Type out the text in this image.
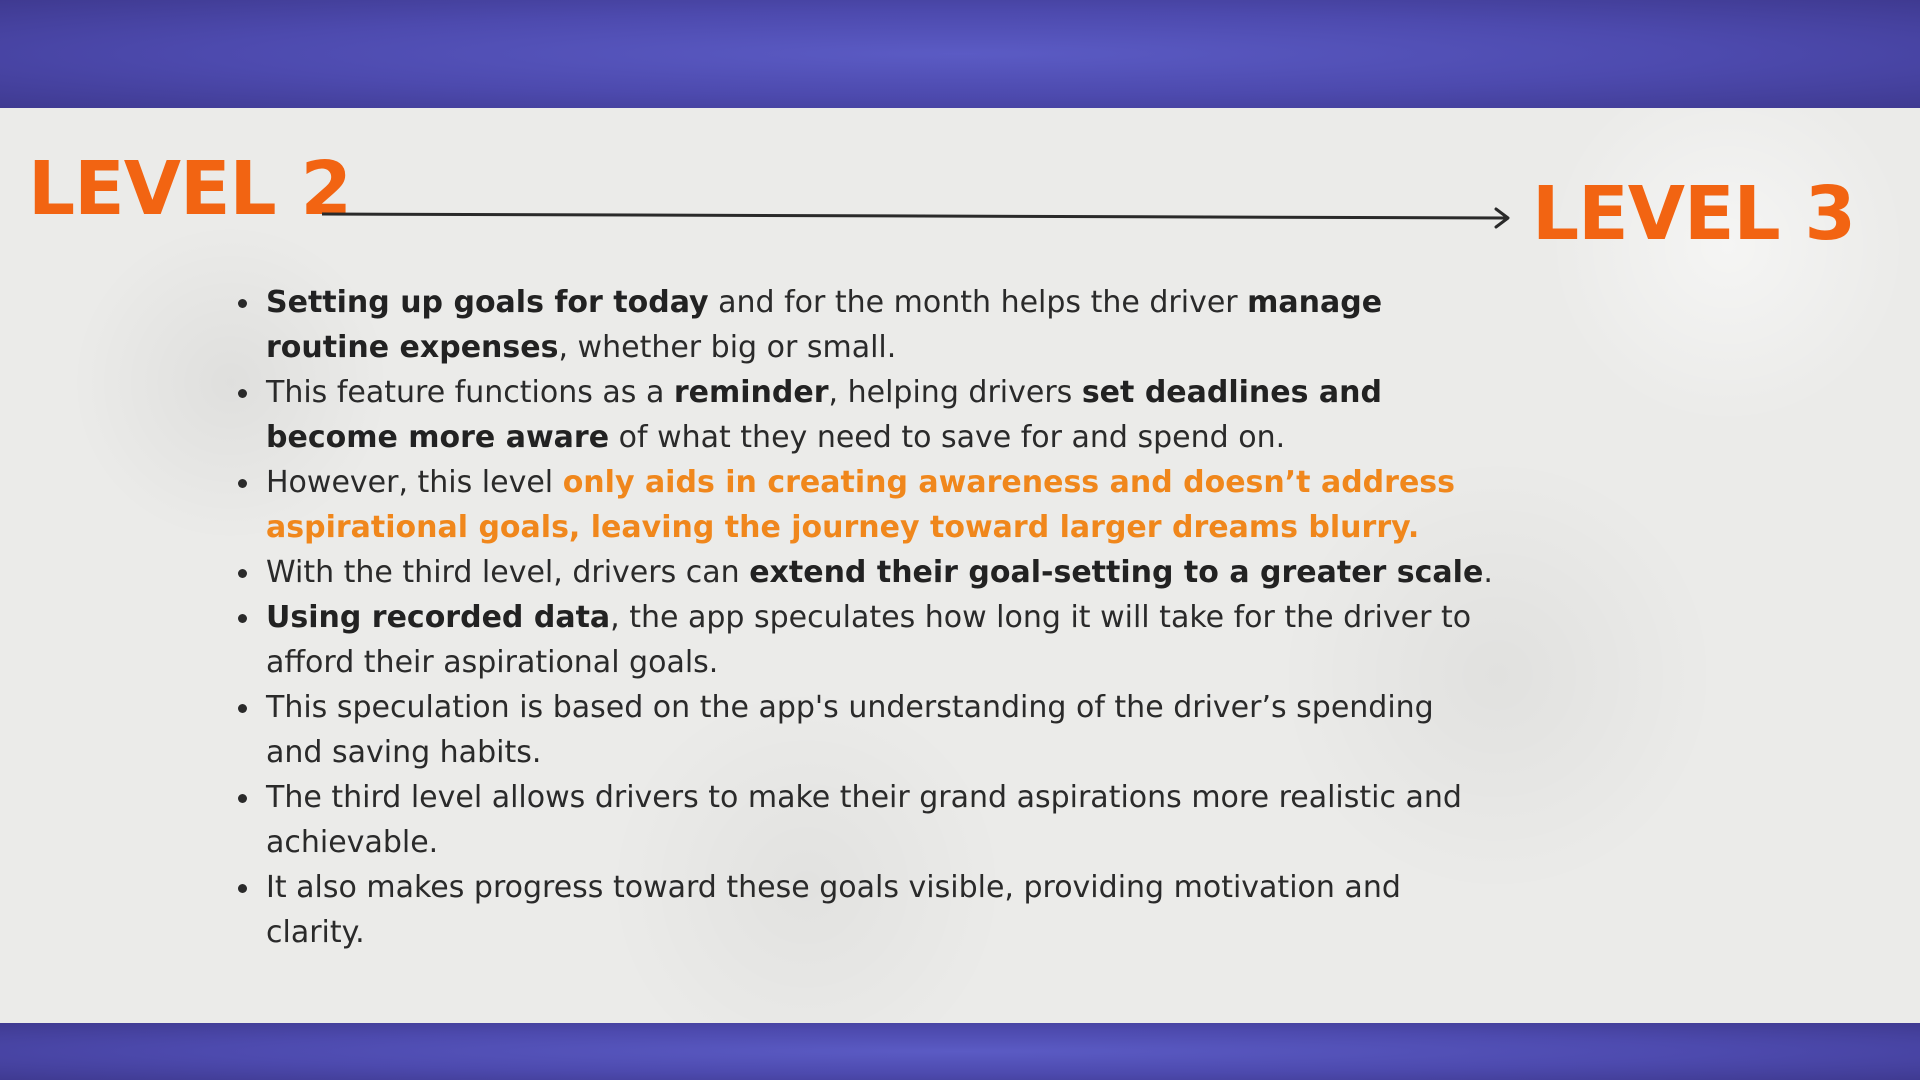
LEVEL 2	LEVEL 3
Setting up goals for today and for the month helps the driver manage routine expenses, whether big or small.
This feature functions as a reminder, helping drivers set deadlines and become more aware of what they need to save for and spend on.
However, this level only aids in creating awareness and doesn’t address aspirational goals, leaving the journey toward larger dreams blurry.
With the third level, drivers can extend their goal-setting to a greater scale.
Using recorded data, the app speculates how long it will take for the driver to afford their aspirational goals.
This speculation is based on the app's understanding of the driver’s spending and saving habits.
The third level allows drivers to make their grand aspirations more realistic and achievable.
It also makes progress toward these goals visible, providing motivation and clarity.
